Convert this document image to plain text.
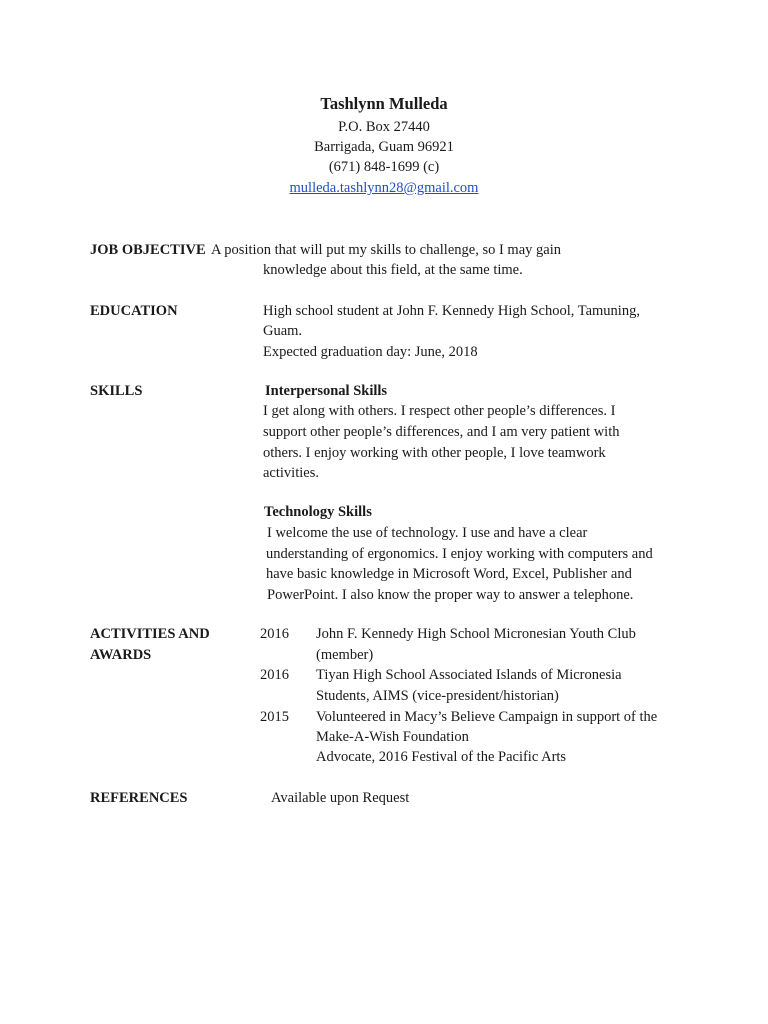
Tashlynn Mulleda
P.O. Box 27440
Barrigada, Guam 96921
(671) 848-1699 (c)
mulleda.tashlynn28@gmail.com
JOB OBJECTIVE A position that will put my skills to challenge, so I may gain
knowledge about this field, at the same time.
EDUCATION	High school student at John F. Kennedy High School, Tamuning,
Guam.
Expected graduation day: June, 2018
SKILLS	Interpersonal Skills
I get along with others. I respect other people’s differences. I
support other people’s differences, and I am very patient with
others. I enjoy working with other people, I love teamwork
activities.
Technology Skills
I welcome the use of technology. I use and have a clear
understanding of ergonomics. I enjoy working with computers and
have basic knowledge in Microsoft Word, Excel, Publisher and
PowerPoint. I also know the proper way to answer a telephone.
ACTIVITIES AND
AWARDS
2016 John F. Kennedy High School Micronesian Youth Club
(member)
2016 Tiyan High School Associated Islands of Micronesia
Students, AIMS (vice-president/historian)
2015 Volunteered in Macy’s Believe Campaign in support of the
Make-A-Wish Foundation
Advocate, 2016 Festival of the Pacific Arts
REFERENCES	Available upon Request
